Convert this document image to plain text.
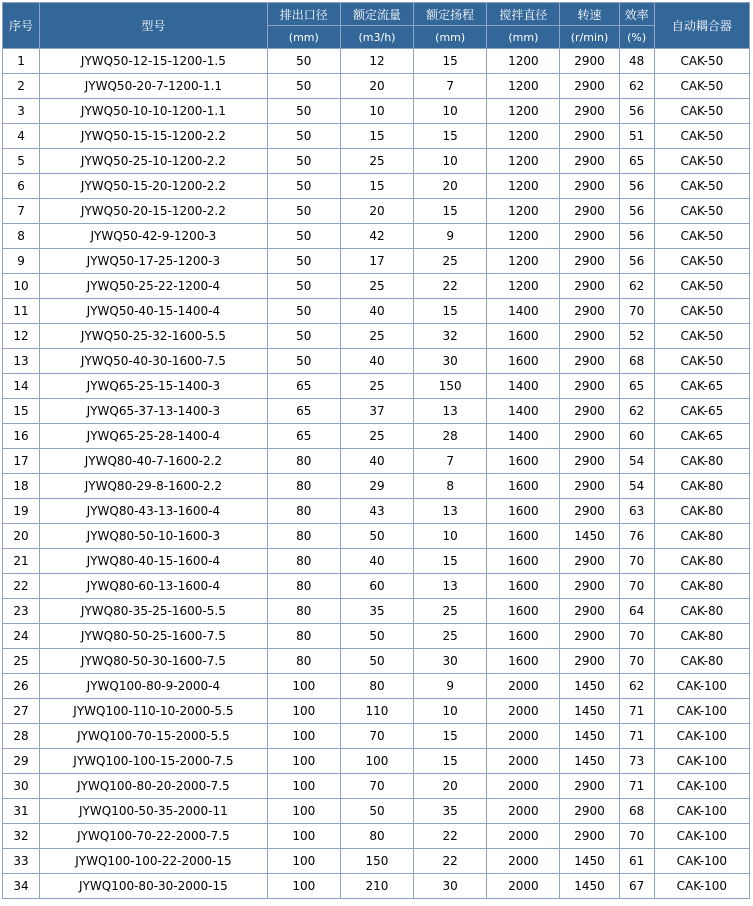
序号	型号	排出口径	额定流量	额定扬程	搅拌直径	转速	效率	自动耦合器
		(mm)	(m3/h)	(mm)	(mm)	(r/min)	(%)	
1	JYWQ50-12-15-1200-1.5	50	12	15	1200	2900	48	CAK-50
2	JYWQ50-20-7-1200-1.1	50	20	7	1200	2900	62	CAK-50
3	JYWQ50-10-10-1200-1.1	50	10	10	1200	2900	56	CAK-50
4	JYWQ50-15-15-1200-2.2	50	15	15	1200	2900	51	CAK-50
5	JYWQ50-25-10-1200-2.2	50	25	10	1200	2900	65	CAK-50
6	JYWQ50-15-20-1200-2.2	50	15	20	1200	2900	56	CAK-50
7	JYWQ50-20-15-1200-2.2	50	20	15	1200	2900	56	CAK-50
8	JYWQ50-42-9-1200-3	50	42	9	1200	2900	56	CAK-50
9	JYWQ50-17-25-1200-3	50	17	25	1200	2900	56	CAK-50
10	JYWQ50-25-22-1200-4	50	25	22	1200	2900	62	CAK-50
11	JYWQ50-40-15-1400-4	50	40	15	1400	2900	70	CAK-50
12	JYWQ50-25-32-1600-5.5	50	25	32	1600	2900	52	CAK-50
13	JYWQ50-40-30-1600-7.5	50	40	30	1600	2900	68	CAK-50
14	JYWQ65-25-15-1400-3	65	25	150	1400	2900	65	CAK-65
15	JYWQ65-37-13-1400-3	65	37	13	1400	2900	62	CAK-65
16	JYWQ65-25-28-1400-4	65	25	28	1400	2900	60	CAK-65
17	JYWQ80-40-7-1600-2.2	80	40	7	1600	2900	54	CAK-80
18	JYWQ80-29-8-1600-2.2	80	29	8	1600	2900	54	CAK-80
19	JYWQ80-43-13-1600-4	80	43	13	1600	2900	63	CAK-80
20	JYWQ80-50-10-1600-3	80	50	10	1600	1450	76	CAK-80
21	JYWQ80-40-15-1600-4	80	40	15	1600	2900	70	CAK-80
22	JYWQ80-60-13-1600-4	80	60	13	1600	2900	70	CAK-80
23	JYWQ80-35-25-1600-5.5	80	35	25	1600	2900	64	CAK-80
24	JYWQ80-50-25-1600-7.5	80	50	25	1600	2900	70	CAK-80
25	JYWQ80-50-30-1600-7.5	80	50	30	1600	2900	70	CAK-80
26	JYWQ100-80-9-2000-4	100	80	9	2000	1450	62	CAK-100
27	JYWQ100-110-10-2000-5.5	100	110	10	2000	1450	71	CAK-100
28	JYWQ100-70-15-2000-5.5	100	70	15	2000	1450	71	CAK-100
29	JYWQ100-100-15-2000-7.5	100	100	15	2000	1450	73	CAK-100
30	JYWQ100-80-20-2000-7.5	100	70	20	2000	2900	71	CAK-100
31	JYWQ100-50-35-2000-11	100	50	35	2000	2900	68	CAK-100
32	JYWQ100-70-22-2000-7.5	100	80	22	2000	2900	70	CAK-100
33	JYWQ100-100-22-2000-15	100	150	22	2000	1450	61	CAK-100
34	JYWQ100-80-30-2000-15	100	210	30	2000	1450	67	CAK-100
